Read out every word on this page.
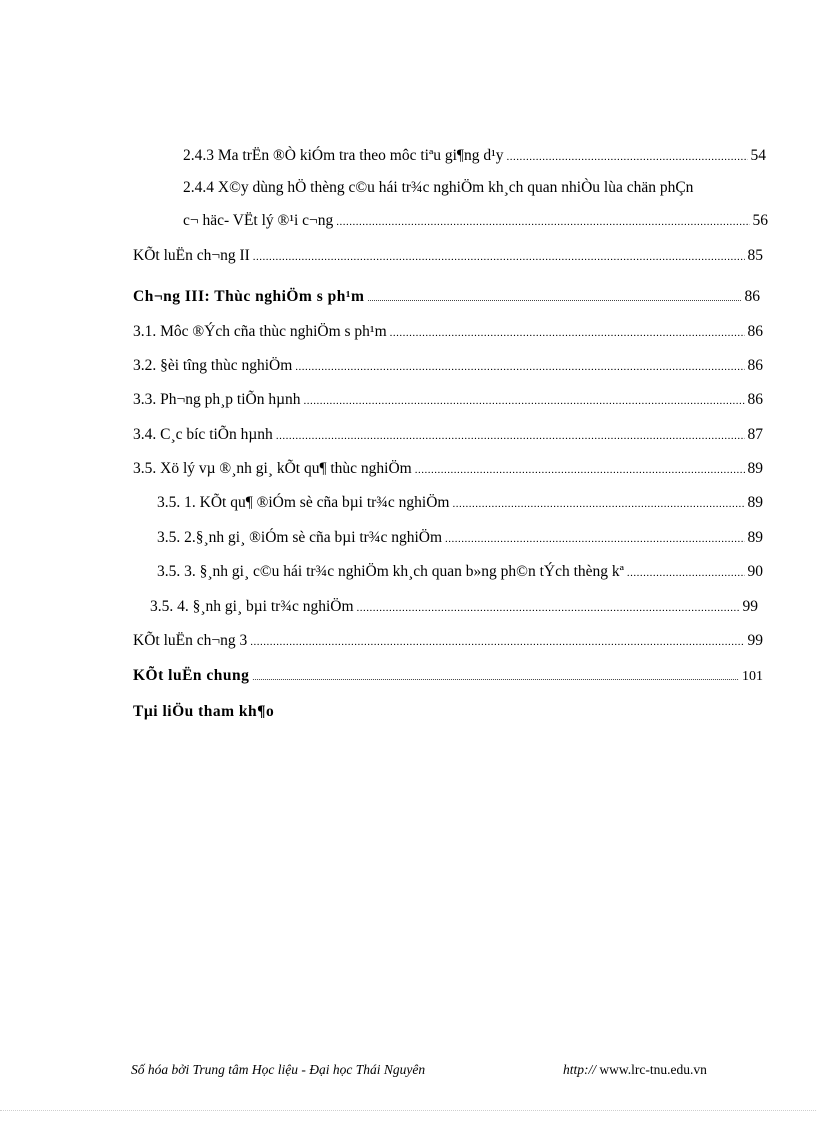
2.4.3 Ma trËn ®Ò kiÓm tra theo môc tiªu gi¶ng d¹y .....	54
2.4.4 X©y dùng hÖ thèng c©u hái tr¾c nghiÖm kh¸ch quan nhiÒu lùa chän phÇn
c¬ häc- VËt lý ®¹i c¬ng .....	56
KÕt luËn ch¬ng II .....	85
Ch¬ng III: Thùc nghiÖm s ph¹m .....	86
3.1. Môc ®Ých cña thùc nghiÖm s ph¹m .....	86
3.2. §èi tîng thùc nghiÖm .....	86
3.3. Ph¬ng ph¸p tiÕn hµnh .....	86
3.4. C¸c bíc tiÕn hµnh .....	87
3.5. Xö lý vµ ®¸nh gi¸ kÕt qu¶ thùc nghiÖm .....	89
3.5. 1. KÕt qu¶ ®iÓm sè cña bµi tr¾c nghiÖm .....	89
3.5. 2.§¸nh gi¸ ®iÓm sè cña bµi tr¾c nghiÖm .....	89
3.5. 3. §¸nh gi¸ c©u hái tr¾c nghiÖm kh¸ch quan b»ng ph©n tÝch thèng kª .....	90
3.5. 4. §¸nh gi¸ bµi tr¾c nghiÖm .....	99
KÕt luËn ch¬ng 3 .....	99
KÕt luËn chung .....	101
Tµi liÖu tham kh¶o
Số hóa bởi Trung tâm Học liệu - Đại học Thái Nguyên	http:// www.lrc-tnu.edu.vn
